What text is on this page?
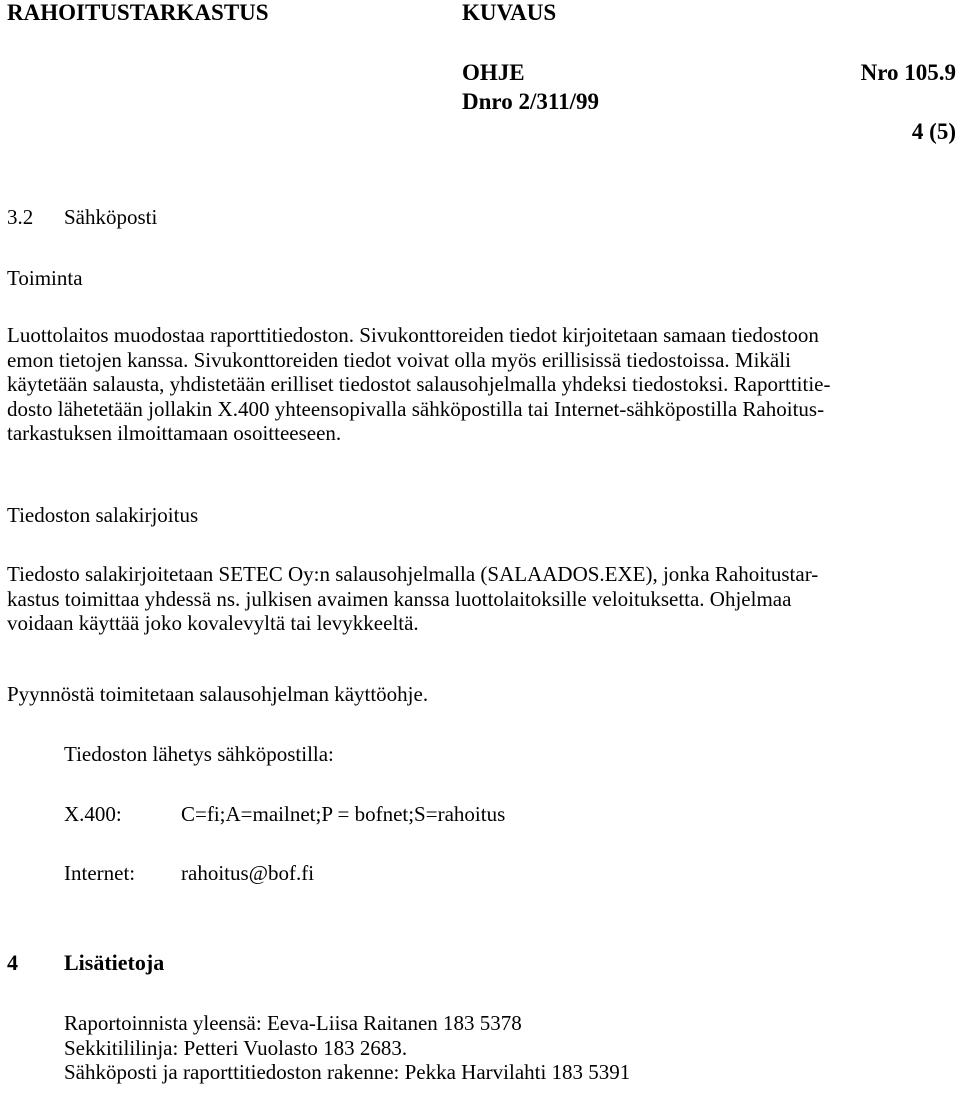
RAHOITUSTARKASTUS	KUVAUS
OHJE	Nro 105.9
Dnro 2/311/99
4 (5)
3.2 Sähköposti
Toiminta
Luottolaitos muodostaa raporttitiedoston. Sivukonttoreiden tiedot kirjoitetaan samaan tiedostoon
emon tietojen kanssa. Sivukonttoreiden tiedot voivat olla myös erillisissä tiedostoissa. Mikäli
käytetään salausta, yhdistetään erilliset tiedostot salausohjelmalla yhdeksi tiedostoksi. Raporttitie-
dosto lähetetään jollakin X.400 yhteensopivalla sähköpostilla tai Internet-sähköpostilla Rahoitus-
tarkastuksen ilmoittamaan osoitteeseen.
Tiedoston salakirjoitus
Tiedosto salakirjoitetaan SETEC Oy:n salausohjelmalla (SALAADOS.EXE), jonka Rahoitustar-
kastus toimittaa yhdessä ns. julkisen avaimen kanssa luottolaitoksille veloituksetta. Ohjelmaa
voidaan käyttää joko kovalevyltä tai levykkeeltä.
Pyynnöstä toimitetaan salausohjelman käyttöohje.
Tiedoston lähetys sähköpostilla:
X.400:	C=fi;A=mailnet;P = bofnet;S=rahoitus
Internet: rahoitus@bof.fi
4 Lisätietoja
Raportoinnista yleensä: Eeva-Liisa Raitanen 183 5378
Sekkitililinja: Petteri Vuolasto 183 2683.
Sähköposti ja raporttitiedoston rakenne: Pekka Harvilahti 183 5391
